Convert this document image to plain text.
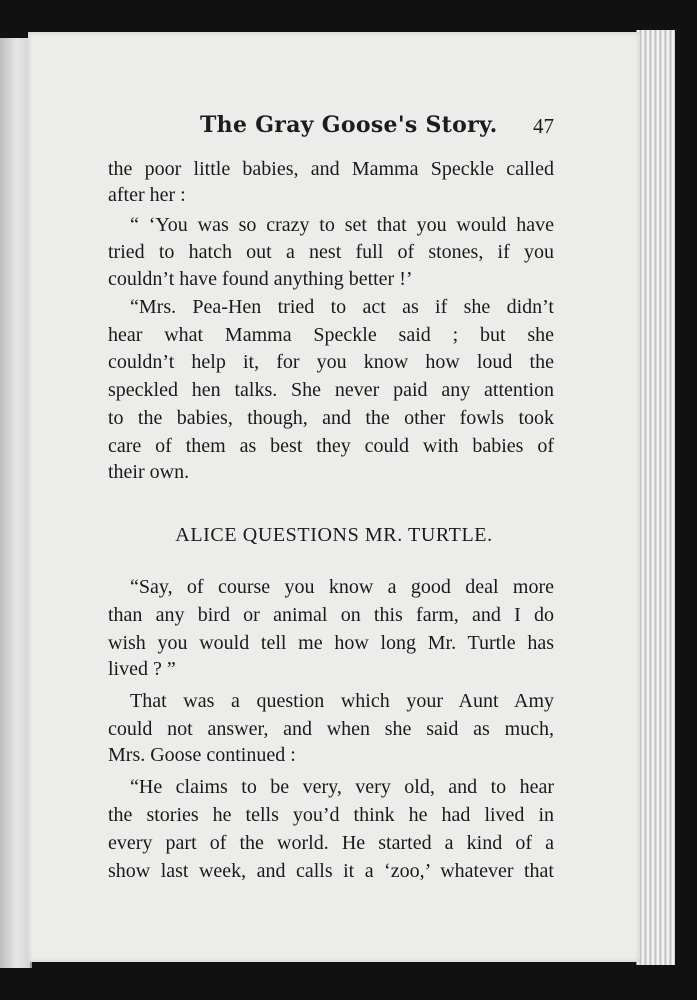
The Gray Goose's Story. 47
the poor little babies, and Mamma Speckle called
after her :
“ ‘You was so crazy to set that you would have
tried to hatch out a nest full of stones, if you
couldn’t have found anything better !’
“Mrs. Pea-Hen tried to act as if she didn’t
hear what Mamma Speckle said ; but she
couldn’t help it, for you know how loud the
speckled hen talks. She never paid any attention
to the babies, though, and the other fowls took
care of them as best they could with babies of
their own.
ALICE QUESTIONS MR. TURTLE.
“Say, of course you know a good deal more
than any bird or animal on this farm, and I do
wish you would tell me how long Mr. Turtle has
lived ? ”
That was a question which your Aunt Amy
could not answer, and when she said as much,
Mrs. Goose continued :
“He claims to be very, very old, and to hear
the stories he tells you’d think he had lived in
every part of the world. He started a kind of a
show last week, and calls it a ‘zoo,’ whatever that
